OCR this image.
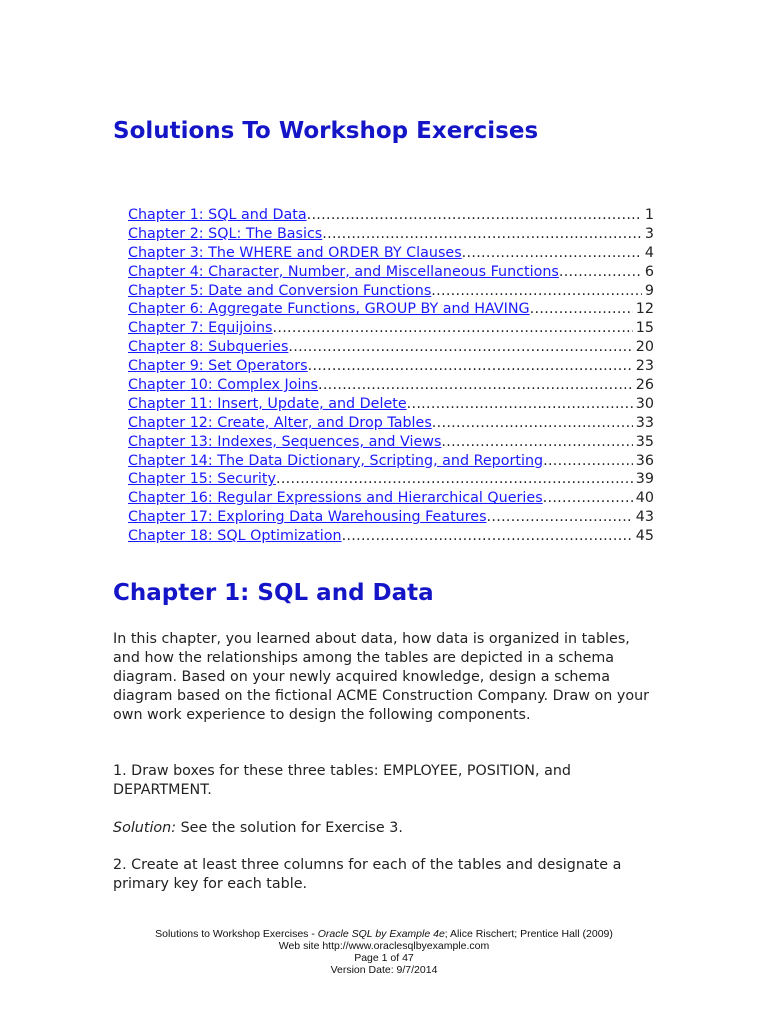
Solutions To Workshop Exercises
Chapter 1: SQL and Data .....	1
Chapter 2: SQL: The Basics .....	3
Chapter 3: The WHERE and ORDER BY Clauses .....	4
Chapter 4: Character, Number, and Miscellaneous Functions .....	6
Chapter 5: Date and Conversion Functions .....	9
Chapter 6: Aggregate Functions, GROUP BY and HAVING .....	12
Chapter 7: Equijoins .....	15
Chapter 8: Subqueries .....	20
Chapter 9: Set Operators .....	23
Chapter 10: Complex Joins .....	26
Chapter 11: Insert, Update, and Delete .....	30
Chapter 12: Create, Alter, and Drop Tables .....	33
Chapter 13: Indexes, Sequences, and Views .....	35
Chapter 14: The Data Dictionary, Scripting, and Reporting .....	36
Chapter 15: Security .....	39
Chapter 16: Regular Expressions and Hierarchical Queries .....	40
Chapter 17: Exploring Data Warehousing Features .....	43
Chapter 18: SQL Optimization .....	45
Chapter 1: SQL and Data

In this chapter, you learned about data, how data is organized in tables, and how the relationships among the tables are depicted in a schema diagram. Based on your newly acquired knowledge, design a schema diagram based on the fictional ACME Construction Company. Draw on your own work experience to design the following components.

1. Draw boxes for these three tables: EMPLOYEE, POSITION, and DEPARTMENT.

Solution: See the solution for Exercise 3.

2. Create at least three columns for each of the tables and designate a primary key for each table.

Solutions to Workshop Exercises - Oracle SQL by Example 4e; Alice Rischert; Prentice Hall (2009)
Web site http://www.oraclesqlbyexample.com
Page 1 of 47
Version Date: 9/7/2014
